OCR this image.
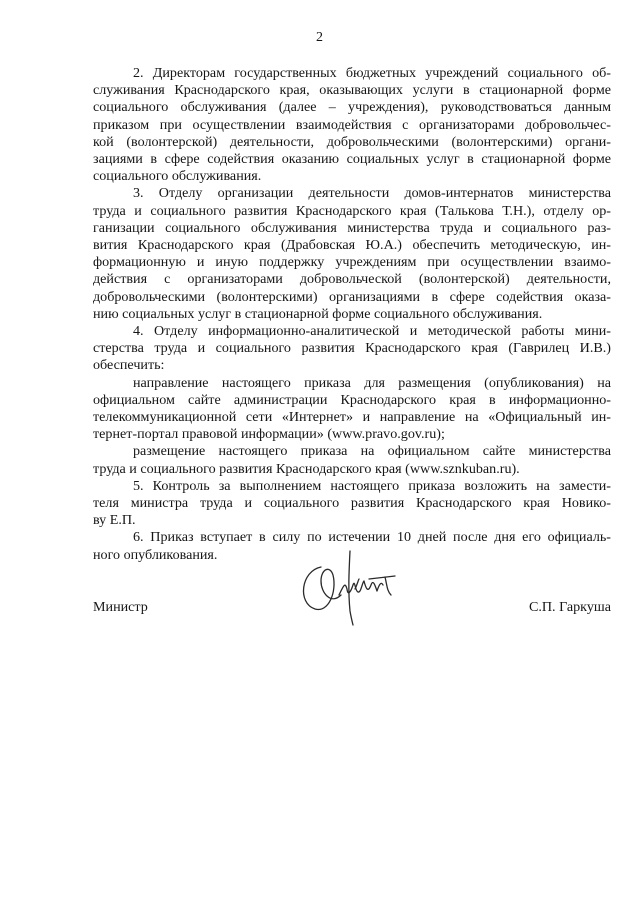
2

2. Директорам государственных бюджетных учреждений социального об-
служивания Краснодарского края, оказывающих услуги в стационарной форме
социального обслуживания (далее – учреждения), руководствоваться данным
приказом при осуществлении взаимодействия с организаторами добровольчес-
кой (волонтерской) деятельности, добровольческими (волонтерскими) органи-
зациями в сфере содействия оказанию социальных услуг в стационарной форме
социального обслуживания.

3. Отделу организации деятельности домов-интернатов министерства
труда и социального развития Краснодарского края (Талькова Т.Н.), отделу ор-
ганизации социального обслуживания министерства труда и социального раз-
вития Краснодарского края (Драбовская Ю.А.) обеспечить методическую, ин-
формационную и иную поддержку учреждениям при осуществлении взаимо-
действия с организаторами добровольческой (волонтерской) деятельности,
добровольческими (волонтерскими) организациями в сфере содействия оказа-
нию социальных услуг в стационарной форме социального обслуживания.

4. Отделу информационно-аналитической и методической работы мини-
стерства труда и социального развития Краснодарского края (Гаврилец И.В.)
обеспечить:

направление настоящего приказа для размещения (опубликования) на
официальном сайте администрации Краснодарского края в информационно-
телекоммуникационной сети «Интернет» и направление на «Официальный ин-
тернет-портал правовой информации» (www.pravo.gov.ru);

размещение настоящего приказа на официальном сайте министерства
труда и социального развития Краснодарского края (www.sznkuban.ru).

5. Контроль за выполнением настоящего приказа возложить на замести-
теля министра труда и социального развития Краснодарского края Новико-
ву Е.П.

6. Приказ вступает в силу по истечении 10 дней после дня его официаль-
ного опубликования.

Министр	С.П. Гаркуша
